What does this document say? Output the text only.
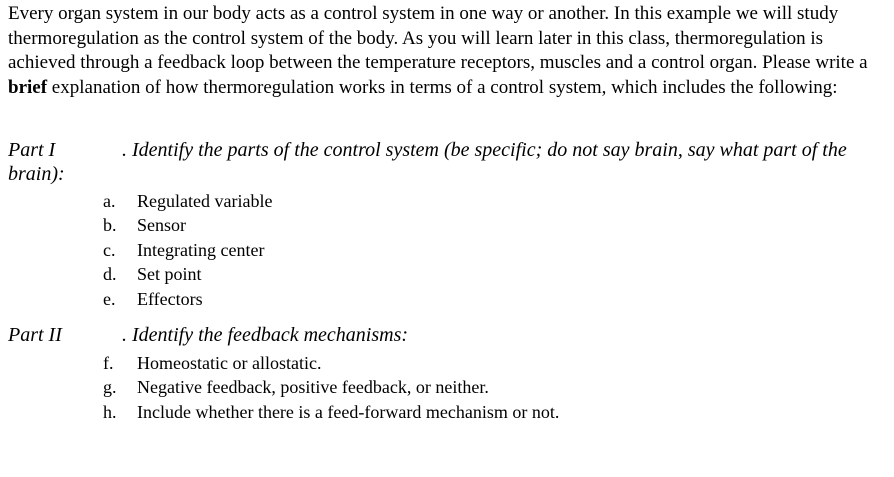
Every organ system in our body acts as a control system in one way or another. In this example we will study thermoregulation as the control system of the body. As you will learn later in this class, thermoregulation is achieved through a feedback loop between the temperature receptors, muscles and a control organ. Please write a brief explanation of how thermoregulation works in terms of a control system, which includes the following:

Part I	. Identify the parts of the control system (be specific; do not say brain, say what part of the brain):

a.	Regulated variable
b.	Sensor
c.	Integrating center
d.	Set point
e.	Effectors

Part II	. Identify the feedback mechanisms:

f.	Homeostatic or allostatic.
g.	Negative feedback, positive feedback, or neither.
h.	Include whether there is a feed-forward mechanism or not.
